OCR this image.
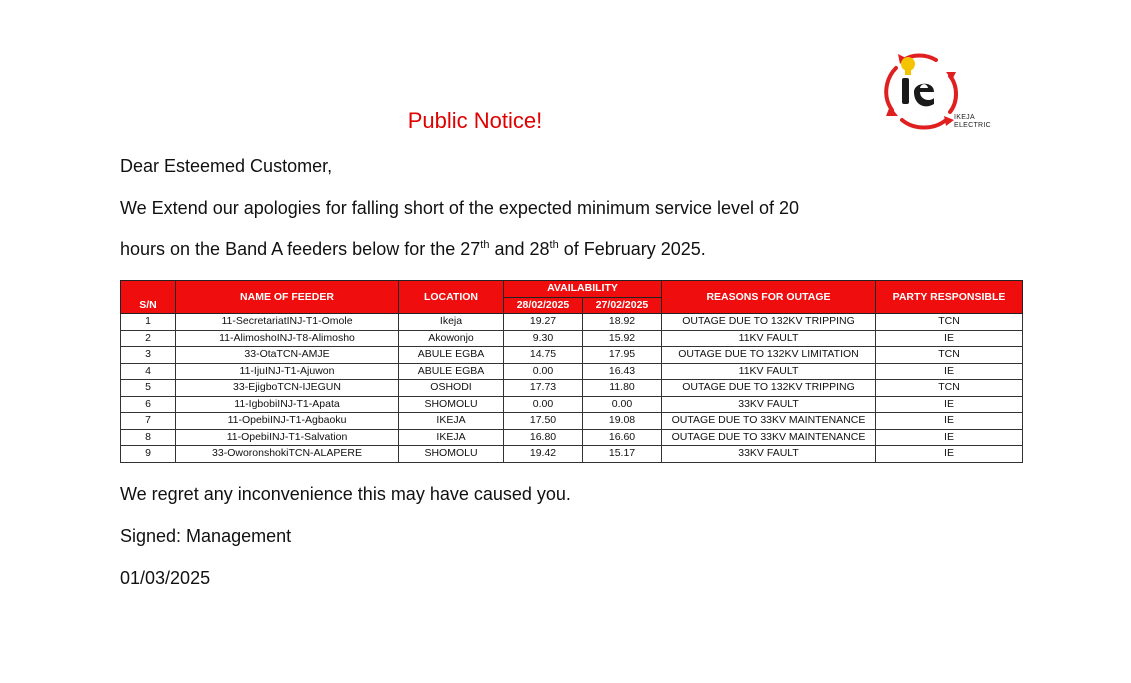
IKEJA
ELECTRIC
Public Notice!
Dear Esteemed Customer,
We Extend our apologies for falling short of the expected minimum service level of 20
hours on the Band A feeders below for the 27th and 28th of February 2025.
S/N	NAME OF FEEDER	LOCATION	AVAILABILITY		REASONS FOR OUTAGE	PARTY RESPONSIBLE
			28/02/2025	27/02/2025		
1	11-SecretariatINJ-T1-Omole	Ikeja	19.27	18.92	OUTAGE DUE TO 132KV TRIPPING	TCN
2	11-AlimoshoINJ-T8-Alimosho	Akowonjo	9.30	15.92	11KV FAULT	IE
3	33-OtaTCN-AMJE	ABULE EGBA	14.75	17.95	OUTAGE DUE TO 132KV LIMITATION	TCN
4	11-IjuINJ-T1-Ajuwon	ABULE EGBA	0.00	16.43	11KV FAULT	IE
5	33-EjigboTCN-IJEGUN	OSHODI	17.73	11.80	OUTAGE DUE TO 132KV TRIPPING	TCN
6	11-IgbobiINJ-T1-Apata	SHOMOLU	0.00	0.00	33KV FAULT	IE
7	11-OpebiINJ-T1-Agbaoku	IKEJA	17.50	19.08	OUTAGE DUE TO 33KV MAINTENANCE	IE
8	11-OpebiINJ-T1-Salvation	IKEJA	16.80	16.60	OUTAGE DUE TO 33KV MAINTENANCE	IE
9	33-OworonshokiTCN-ALAPERE	SHOMOLU	19.42	15.17	33KV FAULT	IE
We regret any inconvenience this may have caused you.
Signed: Management
01/03/2025
